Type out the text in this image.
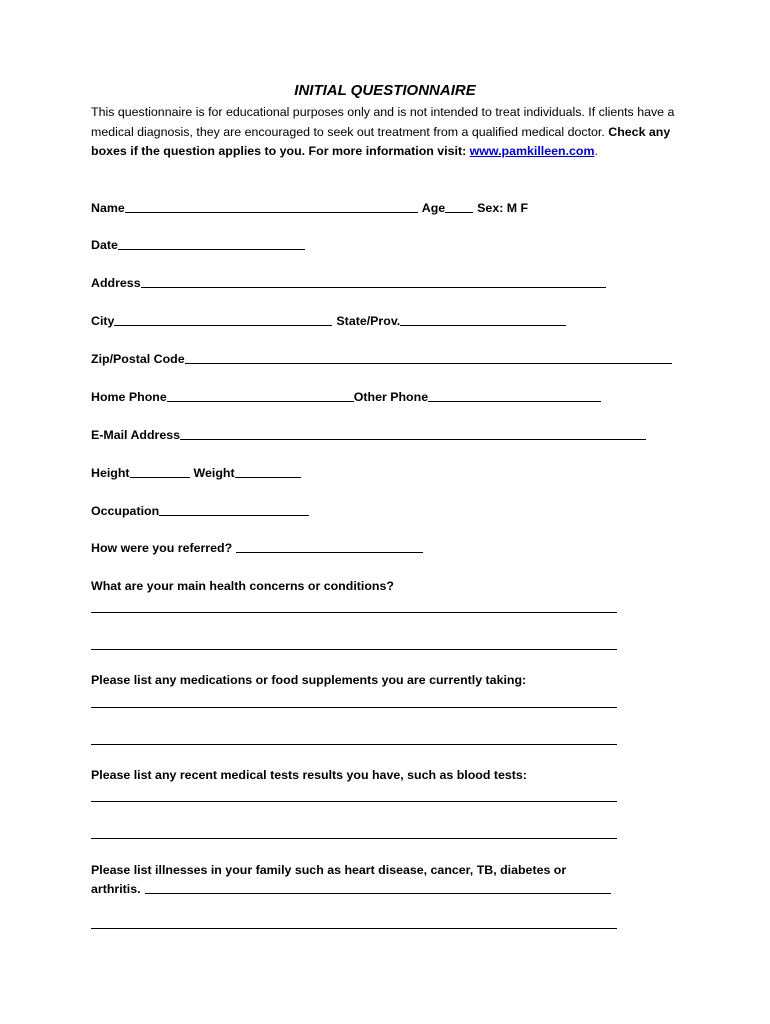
INITIAL QUESTIONNAIRE
This questionnaire is for educational purposes only and is not intended to treat individuals. If clients have a medical diagnosis, they are encouraged to seek out treatment from a qualified medical doctor. Check any boxes if the question applies to you. For more information visit: www.pamkilleen.com.
Name	Age	Sex: M F
Date
Address
City	State/Prov.
Zip/Postal Code
Home Phone	Other Phone
E-Mail Address
Height	Weight
Occupation
How were you referred?
What are your main health concerns or conditions?
Please list any medications or food supplements you are currently taking:
Please list any recent medical tests results you have, such as blood tests:
Please list illnesses in your family such as heart disease, cancer, TB, diabetes or
arthritis.
